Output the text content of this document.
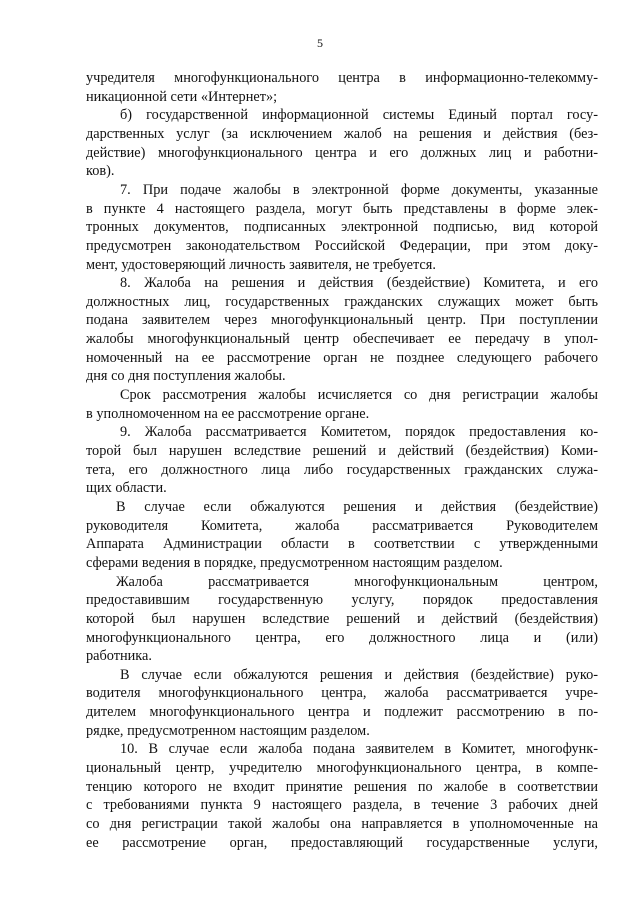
5
учредителя многофункционального центра в информационно-телекомму-
никационной сети «Интернет»;
б) государственной информационной системы Единый портал госу-
дарственных услуг (за исключением жалоб на решения и действия (без-
действие) многофункционального центра и его должных лиц и работни-
ков).
7. При подаче жалобы в электронной форме документы, указанные
в пункте 4 настоящего раздела, могут быть представлены в форме элек-
тронных документов, подписанных электронной подписью, вид которой
предусмотрен законодательством Российской Федерации, при этом доку-
мент, удостоверяющий личность заявителя, не требуется.
8. Жалоба на решения и действия (бездействие) Комитета, и его
должностных лиц, государственных гражданских служащих может быть
подана заявителем через многофункциональный центр. При поступлении
жалобы многофункциональный центр обеспечивает ее передачу в упол-
номоченный на ее рассмотрение орган не позднее следующего рабочего
дня со дня поступления жалобы.
Срок рассмотрения жалобы исчисляется со дня регистрации жалобы
в уполномоченном на ее рассмотрение органе.
9. Жалоба рассматривается Комитетом, порядок предоставления ко-
торой был нарушен вследствие решений и действий (бездействия) Коми-
тета, его должностного лица либо государственных гражданских служа-
щих области.
В случае если обжалуются решения и действия (бездействие)
руководителя Комитета, жалоба рассматривается Руководителем
Аппарата Администрации области в соответствии с утвержденными
сферами ведения в порядке, предусмотренном настоящим разделом.
Жалоба рассматривается многофункциональным центром,
предоставившим государственную услугу, порядок предоставления
которой был нарушен вследствие решений и действий (бездействия)
многофункционального центра, его должностного лица и (или)
работника.
В случае если обжалуются решения и действия (бездействие) руко-
водителя многофункционального центра, жалоба рассматривается учре-
дителем многофункционального центра и подлежит рассмотрению в по-
рядке, предусмотренном настоящим разделом.
10. В случае если жалоба подана заявителем в Комитет, многофунк-
циональный центр, учредителю многофункционального центра, в компе-
тенцию которого не входит принятие решения по жалобе в соответствии
с требованиями пункта 9 настоящего раздела, в течение 3 рабочих дней
со дня регистрации такой жалобы она направляется в уполномоченные на
ее рассмотрение орган, предоставляющий государственные услуги,
